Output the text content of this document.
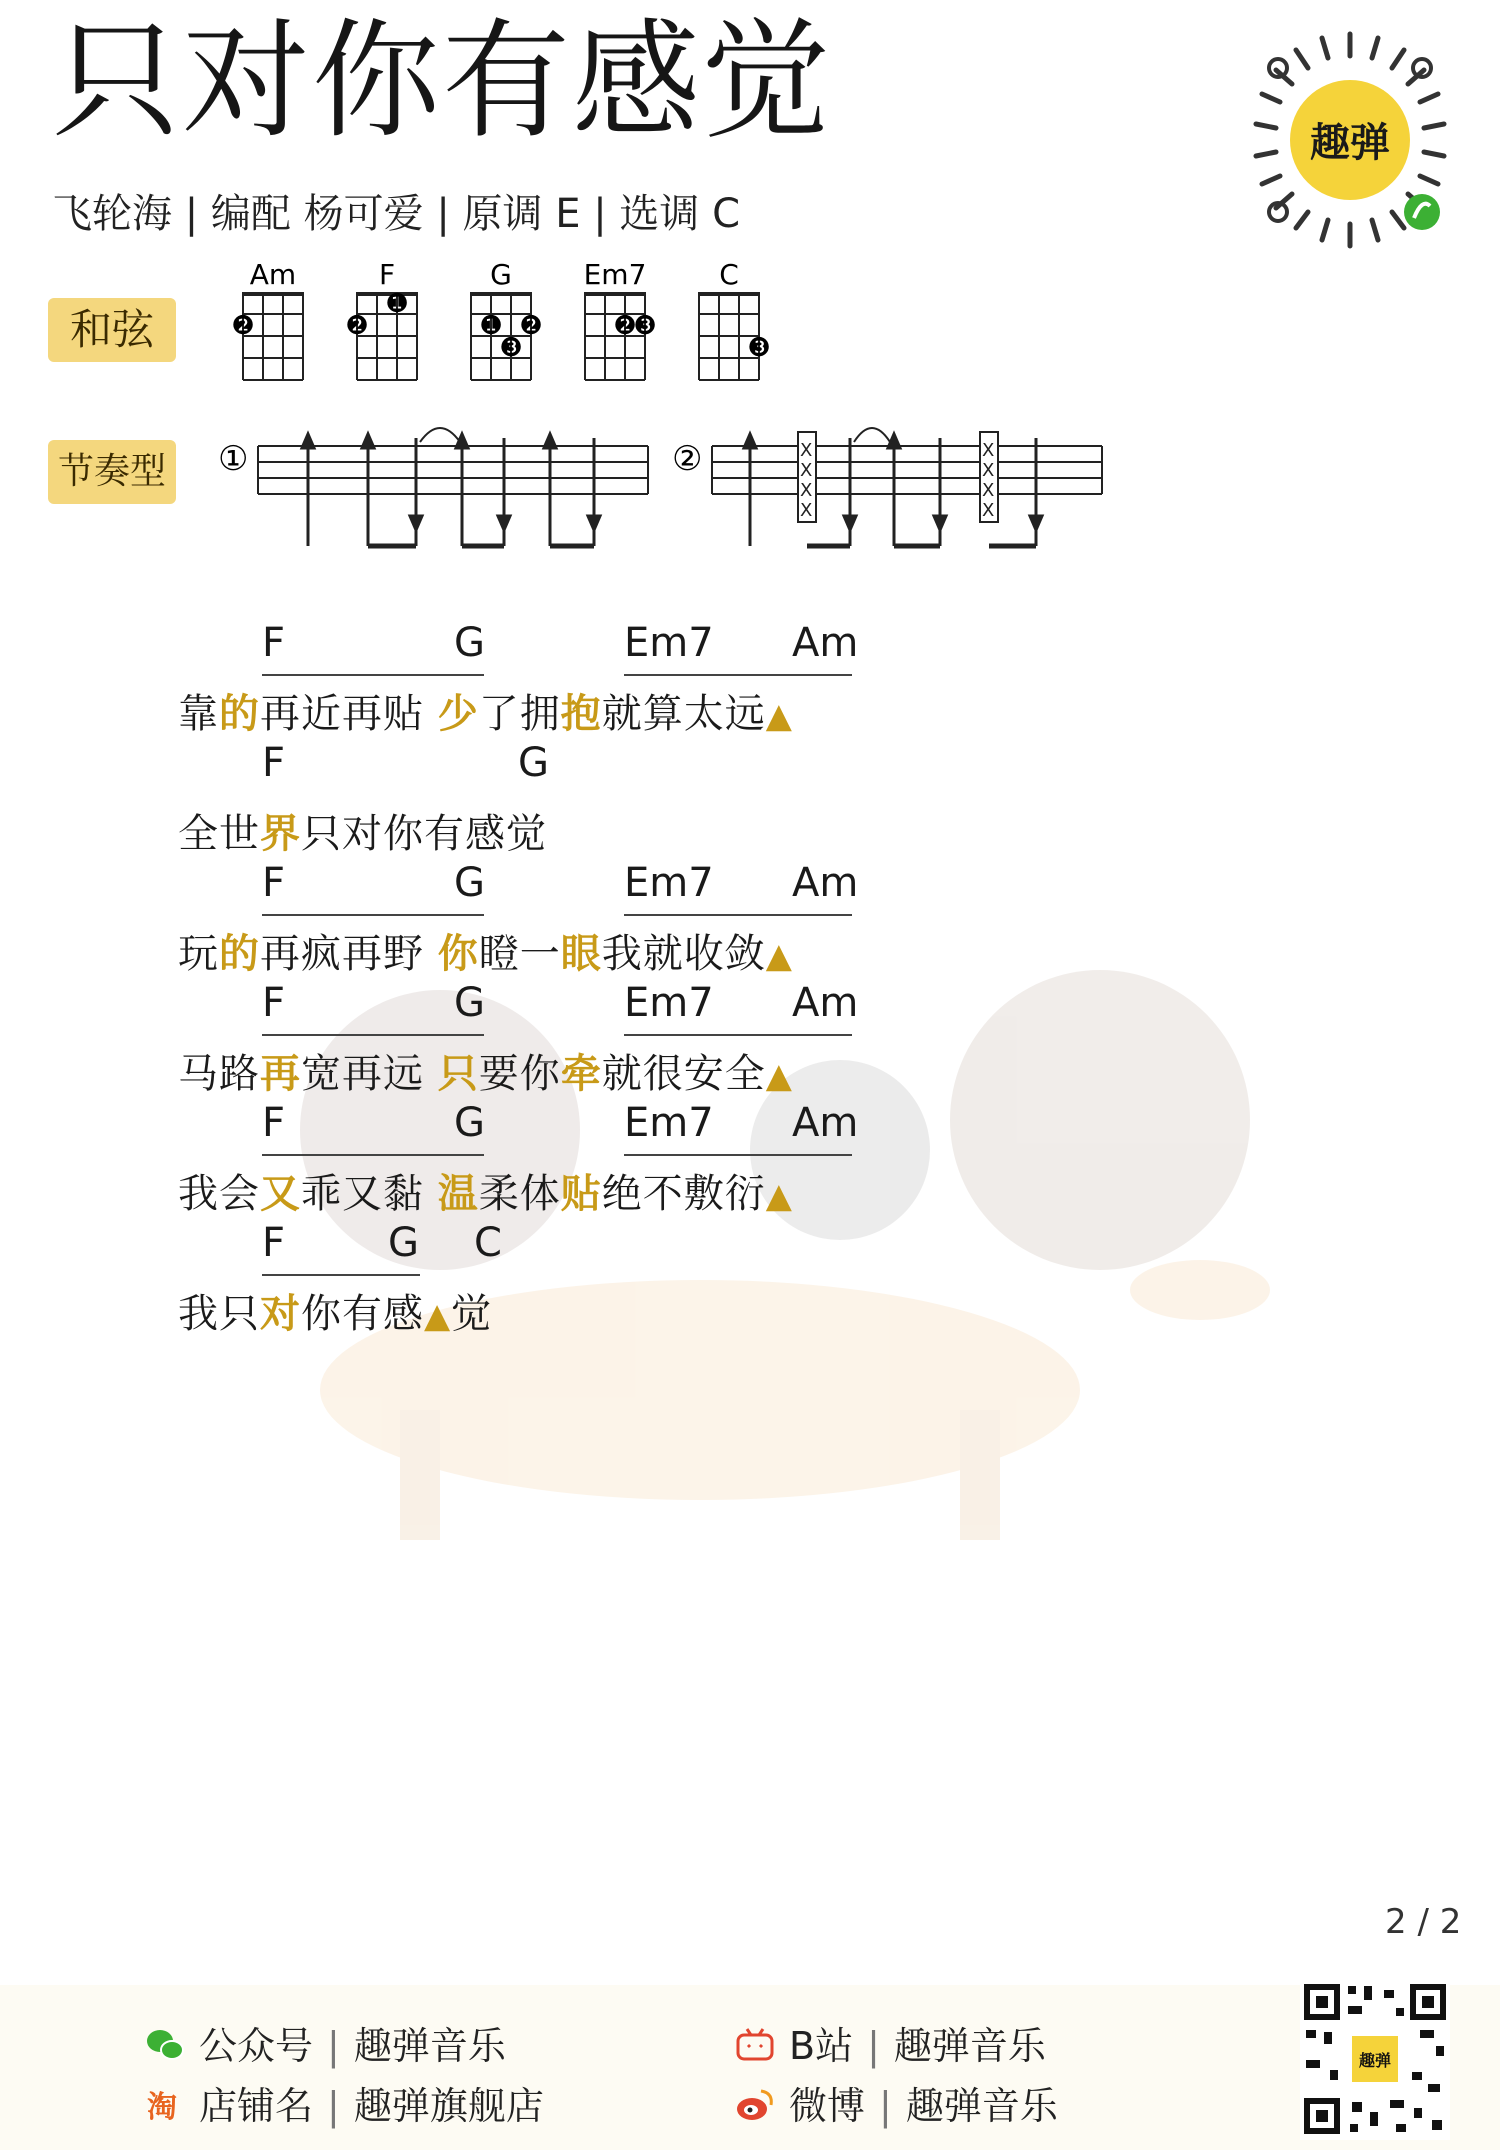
只对你有感觉
飞轮海 | 编配 杨可爱 | 原调 E | 选调 C
趣弹
和弦
节奏型
Am
❷
F
❷
❶
G
❶
❸
❷
Em7
❷
❸
C
❸
①	②	X
X
X
X
X
X
X
X
F	G	Em7 Am
靠的再近再贴 少了拥抱就算太远▲
F	G
全世界只对你有感觉
F	G	Em7 Am
玩的再疯再野 你瞪一眼我就收敛▲
F	G	Em7 Am
马路再宽再远 只要你牵就很安全▲
F	G	Em7 Am
我会又乖又黏 温柔体贴绝不敷衍▲
F	G C
我只对你有感▲觉
2 / 2
公众号 | 趣弹音乐
淘 店铺名 | 趣弹旗舰店
B站 | 趣弹音乐
微博 | 趣弹音乐
趣弹
